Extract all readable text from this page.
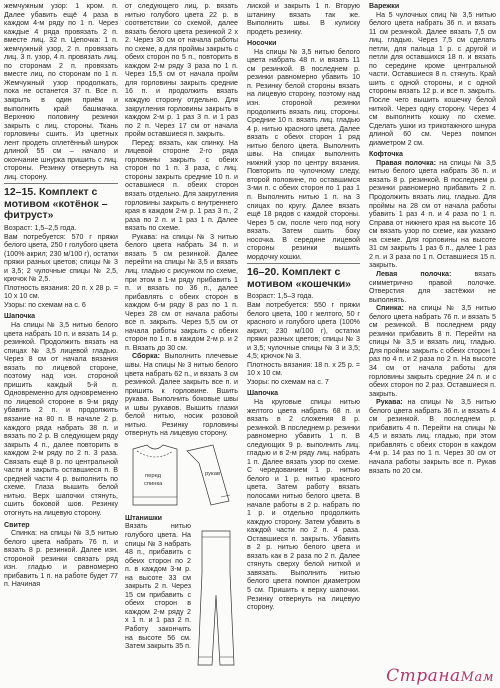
жемчужным узор: 1 кром. п. Далее убавить ещё 4 раза в каждом 4-м ряду по 1 п. Через каждые 4 ряда провязать 2 п. вместе лиц. 32 п. Цепочка: 1 п. жемчужный узор, 2 п. провязать лиц. 3 п. узор, 4 п. провязать лиц. по сторонам 2 п. провязать вместе лиц. по сторонам по 1 п. Жемчужный узор продолжать, пока не останется 37 п. Все п. закрыть в один приём и выполнить край башмачка. Верхнюю половину резинки закрыть с лиц. стороны. Ткань горловины сшить. Из цветных лент продеть сплетённый шнурок длиной 55 см – начало и окончание шнурка пришить с лиц. стороны. Резинку отвернуть на лиц. сторону.

12–15. Комплект с мотивом «котёнок – фитруст»

Возраст: 1,5–2,5 года.

Вам потребуется: 570 г пряжи белого цвета, 250 г голубого цвета (100% акрил; 230 м/100 г), остатки пряжи разных цветов; спицы № 3 и 3,5; 2 чулочные спицы № 2,5, крючок № 2,5.

Плотность вязания: 20 п. x 28 р. = 10 x 10 см.

Узоры: по схемам на с. 6

Шапочка

На спицы № 3,5 нитью белого цвета набрать 10 п. и вязать 14 р. резинкой. Продолжить вязать на спицах № 3,5 лицевой гладью. Через 8 см от начала вязания вязать по лицевой стороне, поэтому над изн. стороной пришить каждый 5-й п. Одновременно для одновременно по лицевой стороне в 9-м ряду убавить 2 п. и продолжить вязание на 80 п. В начале 2 р. каждого ряда набрать 38 п. и вязать по 2 р. В следующем ряду закрыть 4 п., далее повторить в каждом 2-м ряду по 2 п. 3 раза. Связать ещё 8 р. по центральной части и закрыть оставшиеся п. В средней части 4 р. выполнить по схеме. Глаза вышить белой нитью. Верх шапочки стянуть, сшить боковой шов. Резинку отогнуть на лицевую сторону.

Свитер

Спинка: на спицы № 3,5 нитью белого цвета набрать 76 п. и вязать 8 р. резинкой. Далее изн. стороной резинки связать ряд изн. гладью и равномерно прибавить 1 п. на работе будет 77 п. Начиная

от следующего лиц. р. вязать нитью голубого цвета 22 р. в соответствии со схемой, далее вязать белого цвета резинкой 2 х 2. Через 30 см от начала работы по схеме, а для проймы закрыть с обеих сторон по 5 п., повторить в каждом 2-м ряду 3 раза по 1 п. Через 15,5 см от начала пройм для горловины закрыть средние 16 п. и продолжить вязать каждую сторону отдельно. Для закругления горловины закрыть в каждом 2-м р. 1 раз 3 п. и 1 раз по 2 п. Через 17 см от начала пройм оставшиеся п. закрыть.

Перед: вязать, как спинку. На лицевой стороне 2-го ряда горловины закрыть с обеих сторон по 1 п. 3 раза, с лиц. стороны закрыть средние 10 п. и оставшиеся п. обеих сторон вязать отдельно. Для закругления горловины закрыть с внутреннего края в каждом 2-м р. 1 раз 3 п., 2 раза по 2 п. и 1 раз 1 п. Далее вязать по схеме.

Рукава: на спицы № 3 нитью белого цвета набрать 34 п. и вязать 5 см резинкой. Далее перейти на спицы № 3,5 и вязать лиц. гладью с рисунком по схеме, при этом в 1-м ряду прибавить 1 п. и вязать по 36 п., далее прибавлять с обеих сторон в каждом 6-м ряду 8 раз по 1 п. Через 28 см от начала работы все п. закрыть. Через 5,5 см от начала работы закрыть с обеих сторон по 1 п. в каждом 2-м р. и 2 п. Вязать до 30 см.

Сборка: Выполнить плечевые швы. На спицы № 3 нитью белого цвета набрать 62 п., и вязать 3 см резинкой. Далее закрыть все п. и пришить к горловине. Вшить рукава. Выполнить боковые швы и швы рукавов. Вышить глазки белой нитью, носик розовой нитью. Резинку горловины отвернуть на лицевую сторону.

перед
спинка
рукав
Штанишки

Вязать нитью голубого цвета. На спицы № 3 набрать 48 п., прибавить с обеих сторон по 2 п. в каждом 3-м р. на высоте 33 см закрыть 2 п. Через 15 см прибавить с обеих сторон в каждом 2-м ряду 2 х 1 п. и 1 раз 2 п. Работу закончить на высоте 56 см. Затем закрыть 35 п.

лиской и закрыть 1 п. Вторую штанину вязать так же. Выполнить швы. В кулиску продеть резинку.

Носочки

На спицы № 3,5 нитью белого цвета набрать 48 п. и вязать 11 см резинкой. В последнем р. резинки равномерно убавить 10 п. Резинку белой стороны вязать на лицевую сторону, поэтому над изн. стороной резинки продолжить вязать лиц. стороны. Средние 10 п. вязать лиц. гладью 4 р. нитью красного цвета. Далее вязать с обеих сторон 1 ряд нитью белого цвета. Выполнить швы. На спицах выполнить нижний узор по центру вязания. Повторить по чулочному следу, второй половине, по оставшимся 3-ми п. с обеих сторон по 1 раз 1 п. Выполнить нитью 1 п. на 3 спицах по кругу. Далее вязать ещё 18 рядов с каждой стороны. Через 5 см, после чего под ногу вязать. Затем сшить боку носочка. В середине лицевой стороны резинки вышить мордочку кошки.

16–20. Комплект с мотивом «кошечки»

Возраст: 1,5–3 года.

Вам потребуется: 550 г пряжи белого цвета, 100 г желтого, 50 г красного и голубого цвета (100% акрил; 230 м/100 г), остатки пряжи разных цветов; спицы № 3 и 3,5; чулочные спицы № 3 и 3,5; 4,5; крючок № 3.

Плотность вязания: 18 п. x 25 р. = 10 x 10 см.

Узоры: по схемам на с. 7

Шапочка

На круговые спицы нитью желтого цвета набрать 68 п. и вязать в 2 сложения 8 р. резинкой. В последнем р. резинки равномерно убавить 1 п. В следующих 9 р. выполнить лиц. гладью и в 2-м ряду лиц. набрать 1 п. Далее вязать узор по схеме. С чередованием 1 р. нитью белого и 1 р. нитью красного цвета. Затем работу вязать полосами нитью белого цвета. В начале работы в 2 р. набрать по 1 р. и отдельно продолжить каждую сторону. Затем убавить в каждой части по 2 п. 4 раза. Оставшиеся п. закрыть. Убавить в 2 р. нитью белого цвета и вязать как в 2 раза по 2 п. Далее стянуть сверху белой ниткой и завязать. Выполнить нитью белого цвета помпон диаметром 5 см. Пришить к верху шапочки. Резинку отвернуть на лицевую сторону.

Варежки

На 5 чулочных спиц № 3,5 нитью белого цвета набрать 36 п. и вязать 11 см резинкой. Далее вязать 7,5 см лиц. гладью. Через 7,5 см сделать петли, для пальца 1 р. с другой и петли для оставшихся 18 п. и вязать по середине кроме центральной части. Оставшиеся 8 п. стянуть. Край шить с одной стороны, и с одной стороны вязать 12 р. и все п. закрыть. После чего вышить кошечку белой ниткой. Через одну сторону. Через 4 см выполнить кошку по схеме. Сделать ушки из трикотажного шнура длиной 60 см. Через помпон диаметром 2 см.

Кофточка

Правая полочка: на спицы № 3,5 нитью белого цвета набрать 36 п. и вязать 8 р. резинкой. В последнем р. резинки равномерно прибавить 2 п. Продолжить вязать лиц. гладью. Для проймы на 28 см от начала работы убавить 1 раз 4 п. и 4 раза по 1 п. Справа от нижнего края на высоте 16 см вязать узор по схеме, как указано на схеме. Для горловины на высоте 31 см закрыть 1 раз 6 п., далее 1 раз 2 п. и 3 раза по 1 п. Оставшиеся 15 п. закрыть.

Левая полочка:	вязать симметрично правой полочке. Отверстия для застёжки не выполнять.

Спинка: на спицы № 3,5 нитью белого цвета набрать 76 п. и вязать 5 см резинкой. В последнем ряду резинки прибавить 8 п. Перейти на спицы № 3,5 и вязать лиц. гладью. Для проймы закрыть с обеих сторон 1 раз по 4 п. и 2 раза по 2 п. На высоте 34 см от начала работы для горловины закрыть средние 24 п. и с обеих сторон по 2 раз. Оставшиеся п. закрыть.

Рукава: на спицы № 3,5 нитью белого цвета набрать 36 п. и вязать 4 см резинкой. В последнем р. прибавить 4 п. Перейти на спицы № 4,5 и вязать лиц. гладью, при этом прибавлять с обеих сторон в каждом 4-м р. 14 раз по 1 п. Через 30 см от начала работы закрыть все п. Рукав вязать по 20 см.

СтранаМам
